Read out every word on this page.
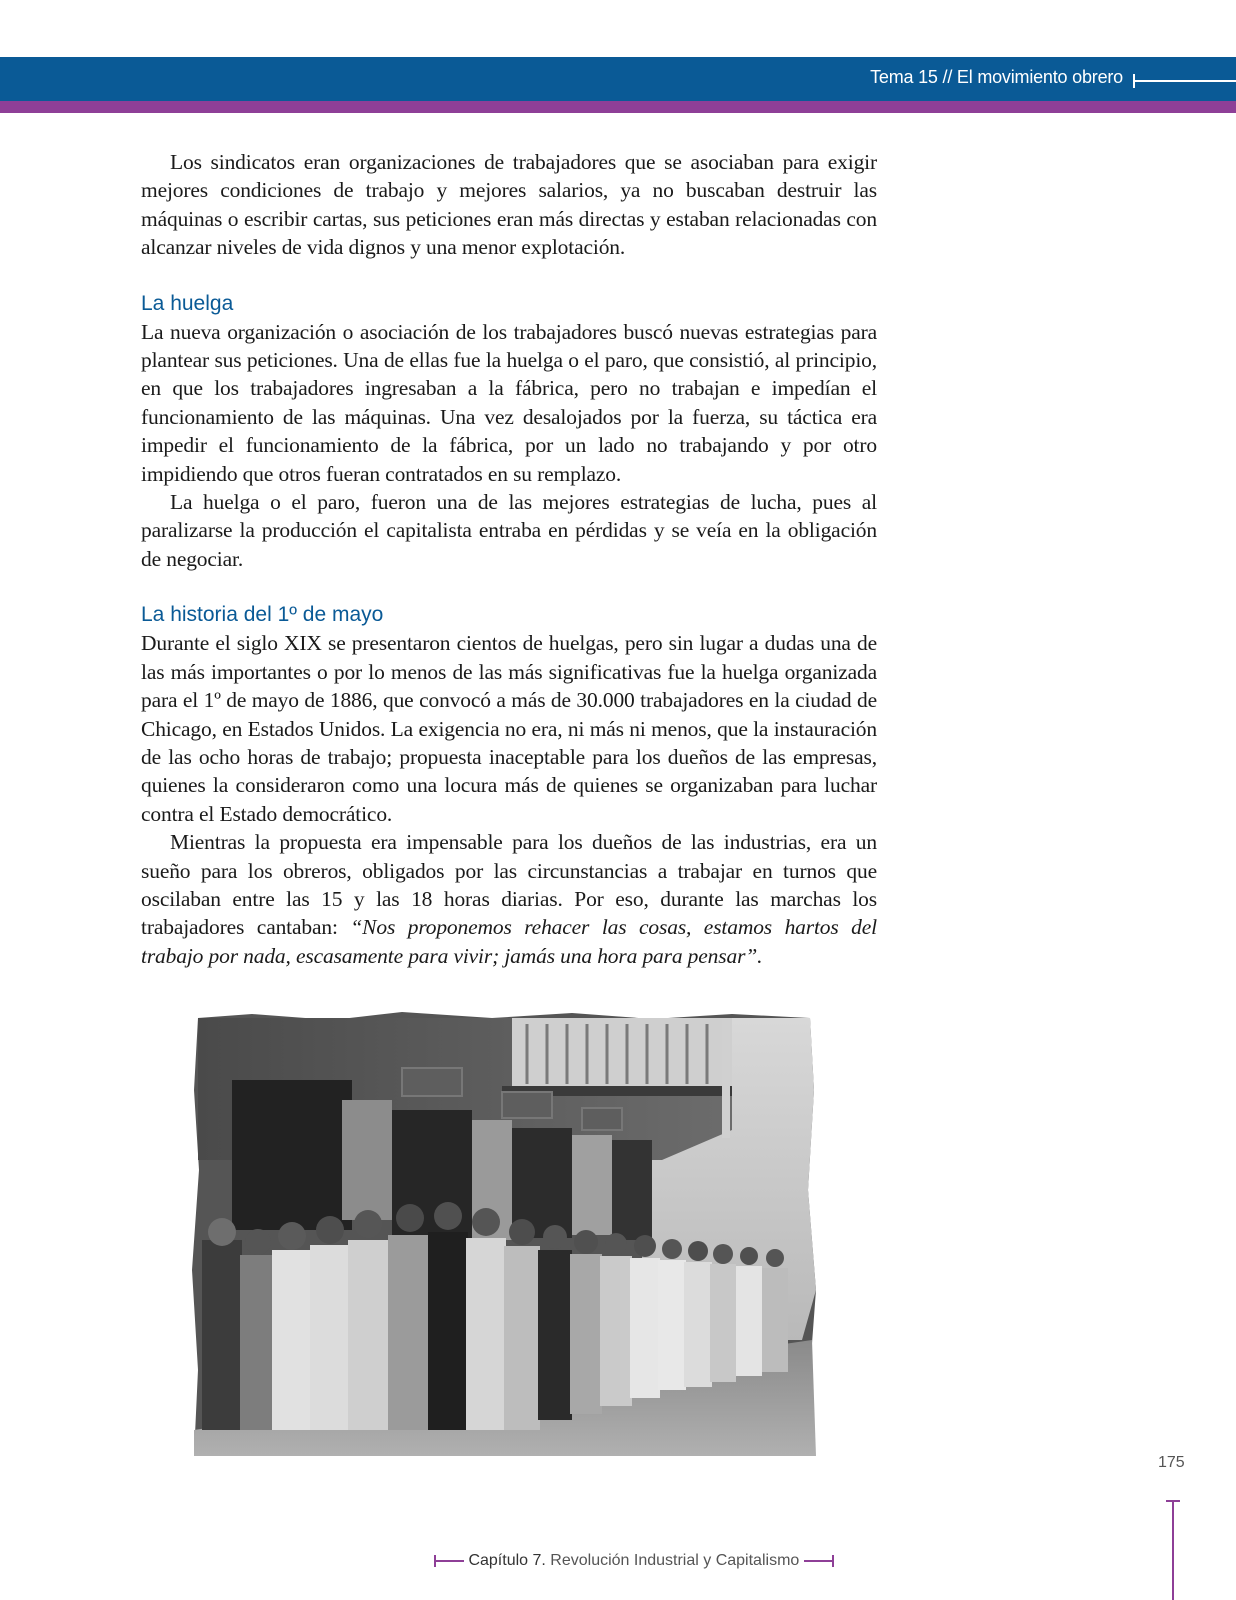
Tema 15 // El movimiento obrero

Los sindicatos eran organizaciones de trabajadores que se asociaban para exigir mejores condiciones de trabajo y mejores salarios, ya no buscaban destruir las máquinas o escribir cartas, sus peticiones eran más directas y estaban relacionadas con alcanzar niveles de vida dignos y una menor explotación.

La huelga

La nueva organización o asociación de los trabajadores buscó nuevas estrategias para plantear sus peticiones. Una de ellas fue la huelga o el paro, que consistió, al principio, en que los trabajadores ingresaban a la fábrica, pero no trabajan e impedían el funcionamiento de las máquinas. Una vez desalojados por la fuerza, su táctica era impedir el funcionamiento de la fábrica, por un lado no trabajando y por otro impidiendo que otros fueran contratados en su remplazo.

La huelga o el paro, fueron una de las mejores estrategias de lucha, pues al paralizarse la producción el capitalista entraba en pérdidas y se veía en la obligación de negociar.

La historia del 1º de mayo

Durante el siglo XIX se presentaron cientos de huelgas, pero sin lugar a dudas una de las más importantes o por lo menos de las más significativas fue la huelga organizada para el 1º de mayo de 1886, que convocó a más de 30.000 trabajadores en la ciudad de Chicago, en Estados Unidos. La exigencia no era, ni más ni menos, que la instauración de las ocho horas de trabajo; propuesta inaceptable para los dueños de las empresas, quienes la consideraron como una locura más de quienes se organizaban para luchar contra el Estado democrático.

Mientras la propuesta era impensable para los dueños de las industrias, era un sueño para los obreros, obligados por las circunstancias a trabajar en turnos que oscilaban entre las 15 y las 18 horas diarias. Por eso, durante las marchas los trabajadores cantaban: “Nos proponemos rehacer las cosas, estamos hartos del trabajo por nada, escasamente para vivir; jamás una hora para pensar”.

175
Capítulo 7. Revolución Industrial y Capitalismo
